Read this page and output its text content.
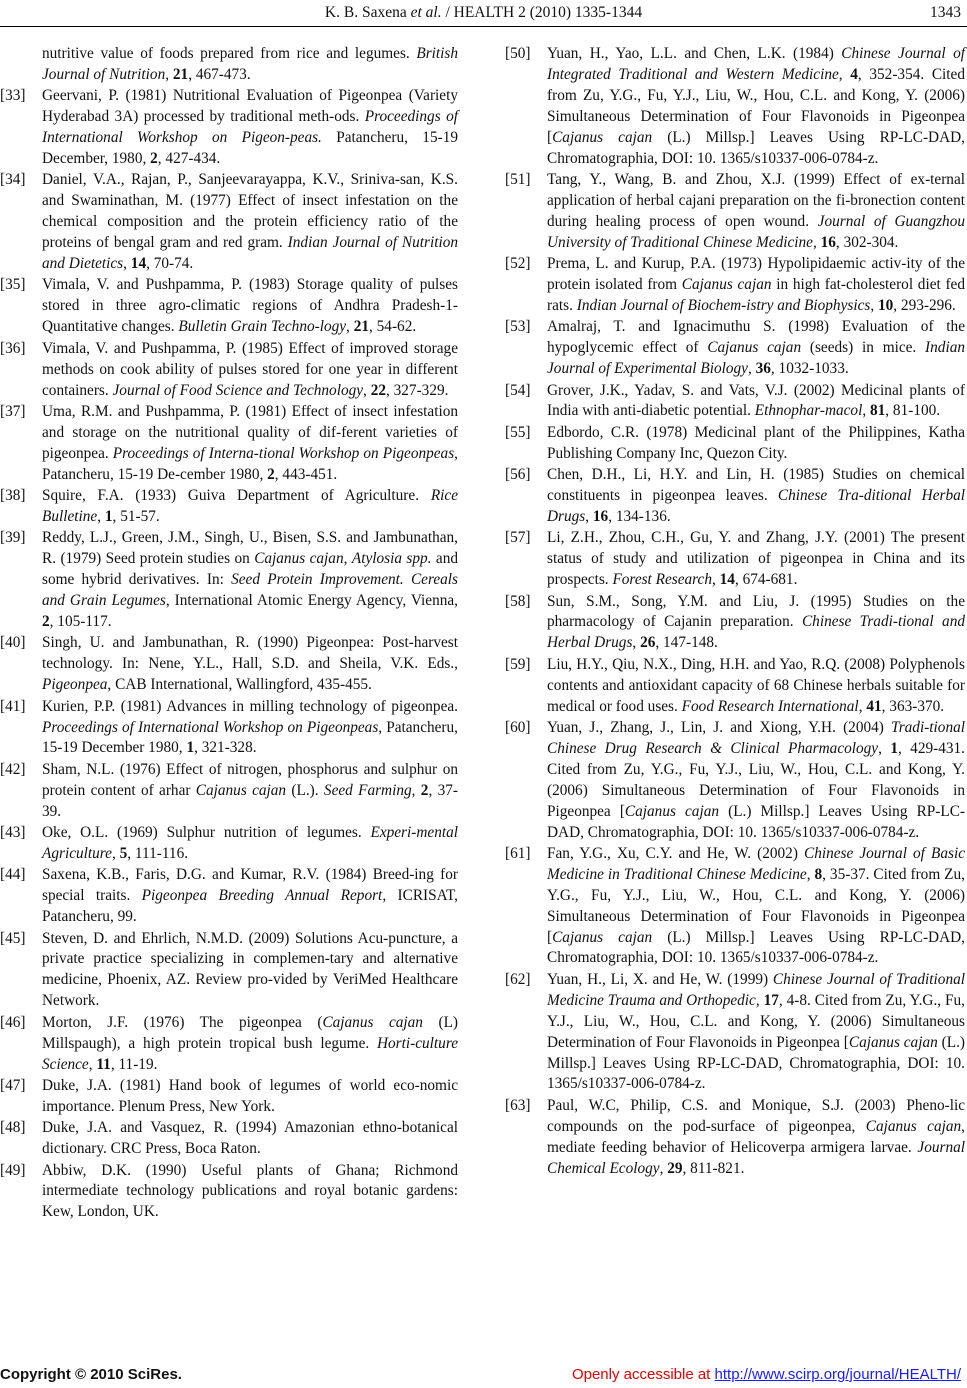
K. B. Saxena et al. / HEALTH 2 (2010) 1335-1344	1343
nutritive value of foods prepared from rice and legumes. British Journal of Nutrition, 21, 467-473.
[33] Geervani, P. (1981) Nutritional Evaluation of Pigeonpea (Variety Hyderabad 3A) processed by traditional meth-ods. Proceedings of International Workshop on Pigeon-peas. Patancheru, 15-19 December, 1980, 2, 427-434.
[34] Daniel, V.A., Rajan, P., Sanjeevarayappa, K.V., Sriniva-san, K.S. and Swaminathan, M. (1977) Effect of insect infestation on the chemical composition and the protein efficiency ratio of the proteins of bengal gram and red gram. Indian Journal of Nutrition and Dietetics, 14, 70-74.
[35] Vimala, V. and Pushpamma, P. (1983) Storage quality of pulses stored in three agro-climatic regions of Andhra Pradesh-1-Quantitative changes. Bulletin Grain Techno-logy, 21, 54-62.
[36] Vimala, V. and Pushpamma, P. (1985) Effect of improved storage methods on cook ability of pulses stored for one year in different containers. Journal of Food Science and Technology, 22, 327-329.
[37] Uma, R.M. and Pushpamma, P. (1981) Effect of insect infestation and storage on the nutritional quality of dif-ferent varieties of pigeonpea. Proceedings of Interna-tional Workshop on Pigeonpeas, Patancheru, 15-19 De-cember 1980, 2, 443-451.
[38] Squire, F.A. (1933) Guiva Department of Agriculture. Rice Bulletine, 1, 51-57.
[39] Reddy, L.J., Green, J.M., Singh, U., Bisen, S.S. and Jambunathan, R. (1979) Seed protein studies on Cajanus cajan, Atylosia spp. and some hybrid derivatives. In: Seed Protein Improvement. Cereals and Grain Legumes, International Atomic Energy Agency, Vienna, 2, 105-117.
[40] Singh, U. and Jambunathan, R. (1990) Pigeonpea: Post-harvest technology. In: Nene, Y.L., Hall, S.D. and Sheila, V.K. Eds., Pigeonpea, CAB International, Wallingford, 435-455.
[41] Kurien, P.P. (1981) Advances in milling technology of pigeonpea. Proceedings of International Workshop on Pigeonpeas, Patancheru, 15-19 December 1980, 1, 321-328.
[42] Sham, N.L. (1976) Effect of nitrogen, phosphorus and sulphur on protein content of arhar Cajanus cajan (L.). Seed Farming, 2, 37-39.
[43] Oke, O.L. (1969) Sulphur nutrition of legumes. Experi-mental Agriculture, 5, 111-116.
[44] Saxena, K.B., Faris, D.G. and Kumar, R.V. (1984) Breed-ing for special traits. Pigeonpea Breeding Annual Report, ICRISAT, Patancheru, 99.
[45] Steven, D. and Ehrlich, N.M.D. (2009) Solutions Acu-puncture, a private practice specializing in complemen-tary and alternative medicine, Phoenix, AZ. Review pro-vided by VeriMed Healthcare Network.
[46] Morton, J.F. (1976) The pigeonpea (Cajanus cajan (L) Millspaugh), a high protein tropical bush legume. Horti-culture Science, 11, 11-19.
[47] Duke, J.A. (1981) Hand book of legumes of world eco-nomic importance. Plenum Press, New York.
[48] Duke, J.A. and Vasquez, R. (1994) Amazonian ethno-botanical dictionary. CRC Press, Boca Raton.
[49] Abbiw, D.K. (1990) Useful plants of Ghana; Richmond intermediate technology publications and royal botanic gardens: Kew, London, UK.
[50] Yuan, H., Yao, L.L. and Chen, L.K. (1984) Chinese Journal of Integrated Traditional and Western Medicine, 4, 352-354. Cited from Zu, Y.G., Fu, Y.J., Liu, W., Hou, C.L. and Kong, Y. (2006) Simultaneous Determination of Four Flavonoids in Pigeonpea [Cajanus cajan (L.) Millsp.] Leaves Using RP-LC-DAD, Chromatographia, DOI: 10. 1365/s10337-006-0784-z.
[51] Tang, Y., Wang, B. and Zhou, X.J. (1999) Effect of ex-ternal application of herbal cajani preparation on the fi-bronection content during healing process of open wound. Journal of Guangzhou University of Traditional Chinese Medicine, 16, 302-304.
[52] Prema, L. and Kurup, P.A. (1973) Hypolipidaemic activ-ity of the protein isolated from Cajanus cajan in high fat-cholesterol diet fed rats. Indian Journal of Biochem-istry and Biophysics, 10, 293-296.
[53] Amalraj, T. and Ignacimuthu S. (1998) Evaluation of the hypoglycemic effect of Cajanus cajan (seeds) in mice. Indian Journal of Experimental Biology, 36, 1032-1033.
[54] Grover, J.K., Yadav, S. and Vats, V.J. (2002) Medicinal plants of India with anti-diabetic potential. Ethnophar-macol, 81, 81-100.
[55] Edbordo, C.R. (1978) Medicinal plant of the Philippines, Katha Publishing Company Inc, Quezon City.
[56] Chen, D.H., Li, H.Y. and Lin, H. (1985) Studies on chemical constituents in pigeonpea leaves. Chinese Tra-ditional Herbal Drugs, 16, 134-136.
[57] Li, Z.H., Zhou, C.H., Gu, Y. and Zhang, J.Y. (2001) The present status of study and utilization of pigeonpea in China and its prospects. Forest Research, 14, 674-681.
[58] Sun, S.M., Song, Y.M. and Liu, J. (1995) Studies on the pharmacology of Cajanin preparation. Chinese Tradi-tional and Herbal Drugs, 26, 147-148.
[59] Liu, H.Y., Qiu, N.X., Ding, H.H. and Yao, R.Q. (2008) Polyphenols contents and antioxidant capacity of 68 Chinese herbals suitable for medical or food uses. Food Research International, 41, 363-370.
[60] Yuan, J., Zhang, J., Lin, J. and Xiong, Y.H. (2004) Tradi-tional Chinese Drug Research & Clinical Pharmacology, 1, 429-431. Cited from Zu, Y.G., Fu, Y.J., Liu, W., Hou, C.L. and Kong, Y. (2006) Simultaneous Determination of Four Flavonoids in Pigeonpea [Cajanus cajan (L.) Millsp.] Leaves Using RP-LC-DAD, Chromatographia, DOI: 10. 1365/s10337-006-0784-z.
[61] Fan, Y.G., Xu, C.Y. and He, W. (2002) Chinese Journal of Basic Medicine in Traditional Chinese Medicine, 8, 35-37. Cited from Zu, Y.G., Fu, Y.J., Liu, W., Hou, C.L. and Kong, Y. (2006) Simultaneous Determination of Four Flavonoids in Pigeonpea [Cajanus cajan (L.) Millsp.] Leaves Using RP-LC-DAD, Chromatographia, DOI: 10. 1365/s10337-006-0784-z.
[62] Yuan, H., Li, X. and He, W. (1999) Chinese Journal of Traditional Medicine Trauma and Orthopedic, 17, 4-8. Cited from Zu, Y.G., Fu, Y.J., Liu, W., Hou, C.L. and Kong, Y. (2006) Simultaneous Determination of Four Flavonoids in Pigeonpea [Cajanus cajan (L.) Millsp.] Leaves Using RP-LC-DAD, Chromatographia, DOI: 10. 1365/s10337-006-0784-z.
[63] Paul, W.C, Philip, C.S. and Monique, S.J. (2003) Pheno-lic compounds on the pod-surface of pigeonpea, Cajanus cajan, mediate feeding behavior of Helicoverpa armigera larvae. Journal Chemical Ecology, 29, 811-821.
Copyright © 2010 SciRes.	Openly accessible at http://www.scirp.org/journal/HEALTH/
